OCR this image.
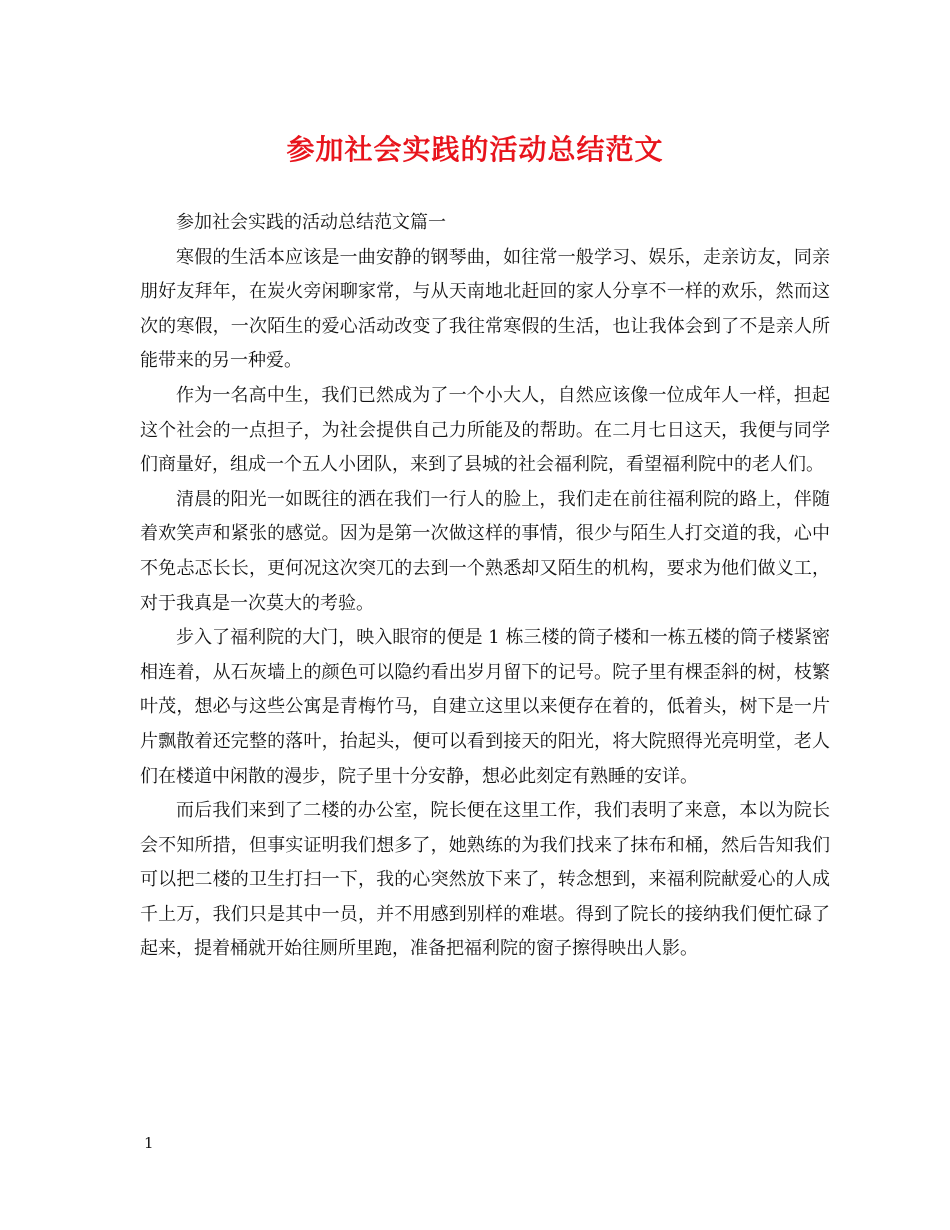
参加社会实践的活动总结范文

参加社会实践的活动总结范文篇一

寒假的生活本应该是一曲安静的钢琴曲，如往常一般学习、娱乐，走亲访友，同亲朋好友拜年，在炭火旁闲聊家常，与从天南地北赶回的家人分享不一样的欢乐，然而这次的寒假，一次陌生的爱心活动改变了我往常寒假的生活，也让我体会到了不是亲人所能带来的另一种爱。

作为一名高中生，我们已然成为了一个小大人，自然应该像一位成年人一样，担起这个社会的一点担子，为社会提供自己力所能及的帮助。在二月七日这天，我便与同学们商量好，组成一个五人小团队，来到了县城的社会福利院，看望福利院中的老人们。

清晨的阳光一如既往的洒在我们一行人的脸上，我们走在前往福利院的路上，伴随着欢笑声和紧张的感觉。因为是第一次做这样的事情，很少与陌生人打交道的我，心中不免忐忑长长，更何况这次突兀的去到一个熟悉却又陌生的机构，要求为他们做义工，对于我真是一次莫大的考验。

步入了福利院的大门，映入眼帘的便是 1 栋三楼的筒子楼和一栋五楼的筒子楼紧密相连着，从石灰墙上的颜色可以隐约看出岁月留下的记号。院子里有棵歪斜的树，枝繁叶茂，想必与这些公寓是青梅竹马，自建立这里以来便存在着的，低着头，树下是一片片飘散着还完整的落叶，抬起头，便可以看到接天的阳光，将大院照得光亮明堂，老人们在楼道中闲散的漫步，院子里十分安静，想必此刻定有熟睡的安详。

而后我们来到了二楼的办公室，院长便在这里工作，我们表明了来意，本以为院长会不知所措，但事实证明我们想多了，她熟练的为我们找来了抹布和桶，然后告知我们可以把二楼的卫生打扫一下，我的心突然放下来了，转念想到，来福利院献爱心的人成千上万，我们只是其中一员，并不用感到别样的难堪。得到了院长的接纳我们便忙碌了起来，提着桶就开始往厕所里跑，准备把福利院的窗子擦得映出人影。

1
